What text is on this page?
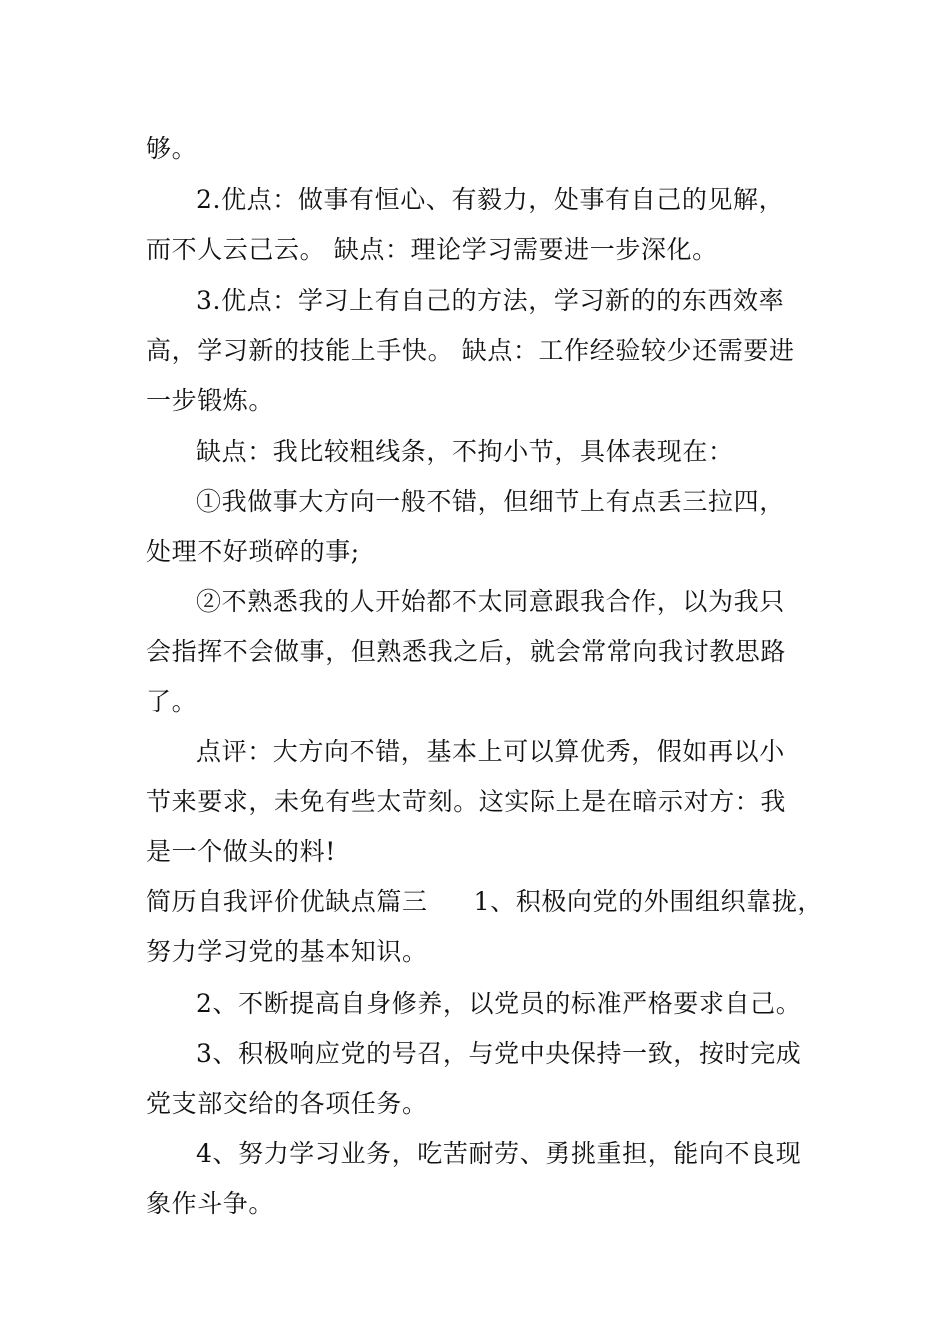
够。
2.优点：做事有恒心、有毅力，处事有自己的见解，
而不人云己云。 缺点：理论学习需要进一步深化。
3.优点：学习上有自己的方法，学习新的的东西效率
高，学习新的技能上手快。 缺点：工作经验较少还需要进
一步锻炼。
缺点：我比较粗线条，不拘小节，具体表现在：
①我做事大方向一般不错，但细节上有点丢三拉四，
处理不好琐碎的事;
②不熟悉我的人开始都不太同意跟我合作，以为我只
会指挥不会做事，但熟悉我之后，就会常常向我讨教思路
了。
点评：大方向不错，基本上可以算优秀，假如再以小
节来要求，未免有些太苛刻。这实际上是在暗示对方：我
是一个做头的料!
简历自我评价优缺点篇三 1、积极向党的外围组织靠拢，
努力学习党的基本知识。
2、不断提高自身修养，以党员的标准严格要求自己。
3、积极响应党的号召，与党中央保持一致，按时完成
党支部交给的各项任务。
4、努力学习业务，吃苦耐劳、勇挑重担，能向不良现
象作斗争。
